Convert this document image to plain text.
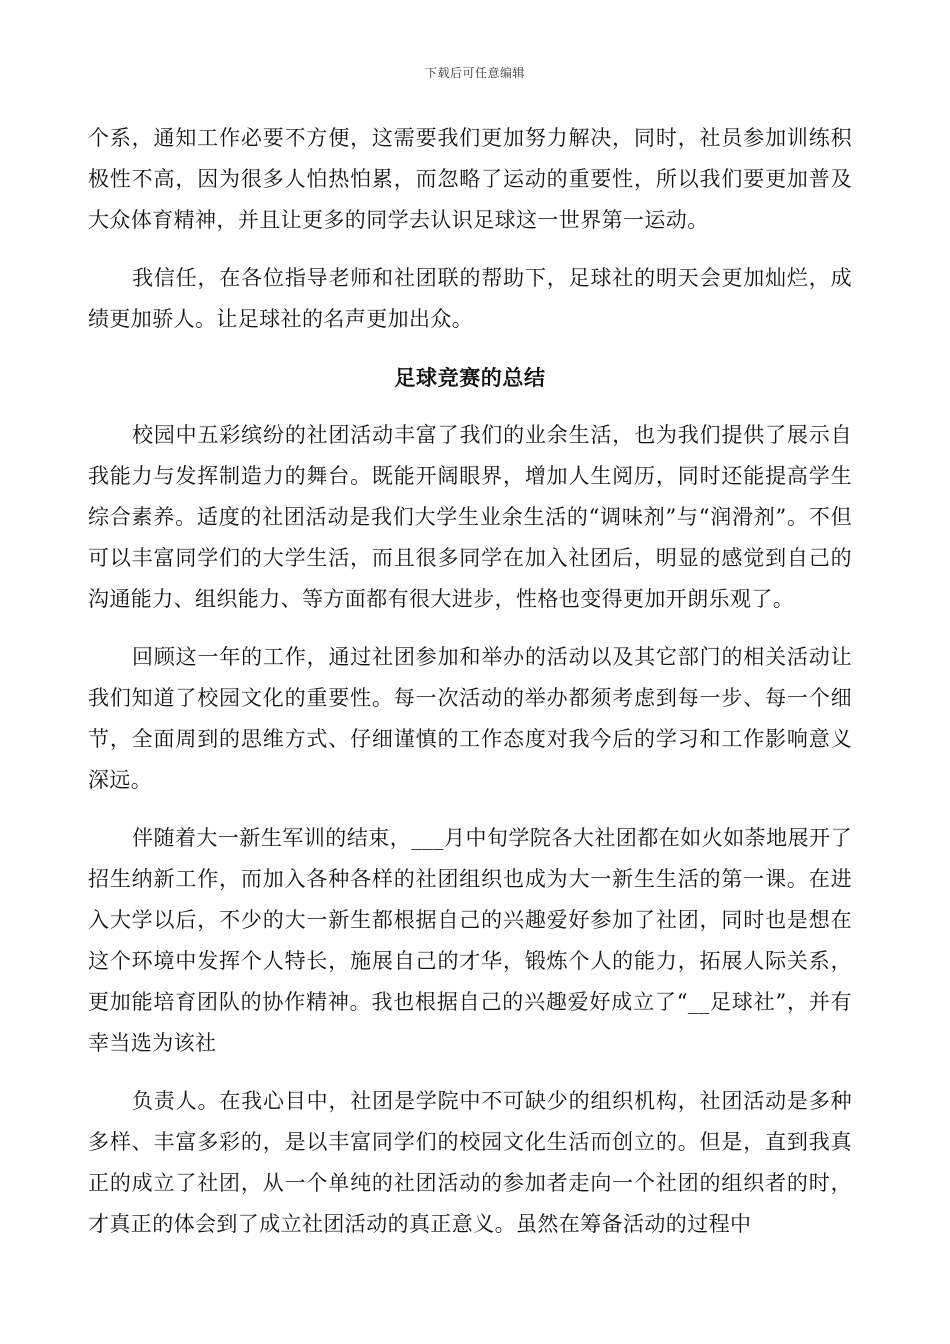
下载后可任意编辑

个系，通知工作必要不方便，这需要我们更加努力解决，同时，社员参加训练积极性不高，因为很多人怕热怕累，而忽略了运动的重要性，所以我们要更加普及大众体育精神，并且让更多的同学去认识足球这一世界第一运动。

我信任，在各位指导老师和社团联的帮助下，足球社的明天会更加灿烂，成绩更加骄人。让足球社的名声更加出众。

足球竞赛的总结

校园中五彩缤纷的社团活动丰富了我们的业余生活，也为我们提供了展示自我能力与发挥制造力的舞台。既能开阔眼界，增加人生阅历，同时还能提高学生综合素养。适度的社团活动是我们大学生业余生活的“调味剂”与“润滑剂”。不但可以丰富同学们的大学生活，而且很多同学在加入社团后，明显的感觉到自己的沟通能力、组织能力、等方面都有很大进步，性格也变得更加开朗乐观了。

回顾这一年的工作，通过社团参加和举办的活动以及其它部门的相关活动让我们知道了校园文化的重要性。每一次活动的举办都须考虑到每一步、每一个细节，全面周到的思维方式、仔细谨慎的工作态度对我今后的学习和工作影响意义深远。

伴随着大一新生军训的结束，___月中旬学院各大社团都在如火如荼地展开了招生纳新工作，而加入各种各样的社团组织也成为大一新生生活的第一课。在进入大学以后，不少的大一新生都根据自己的兴趣爱好参加了社团，同时也是想在这个环境中发挥个人特长，施展自己的才华，锻炼个人的能力，拓展人际关系，更加能培育团队的协作精神。我也根据自己的兴趣爱好成立了“__足球社”，并有幸当选为该社

负责人。在我心目中，社团是学院中不可缺少的组织机构，社团活动是多种多样、丰富多彩的，是以丰富同学们的校园文化生活而创立的。但是，直到我真正的成立了社团，从一个单纯的社团活动的参加者走向一个社团的组织者的时，才真正的体会到了成立社团活动的真正意义。虽然在筹备活动的过程中
